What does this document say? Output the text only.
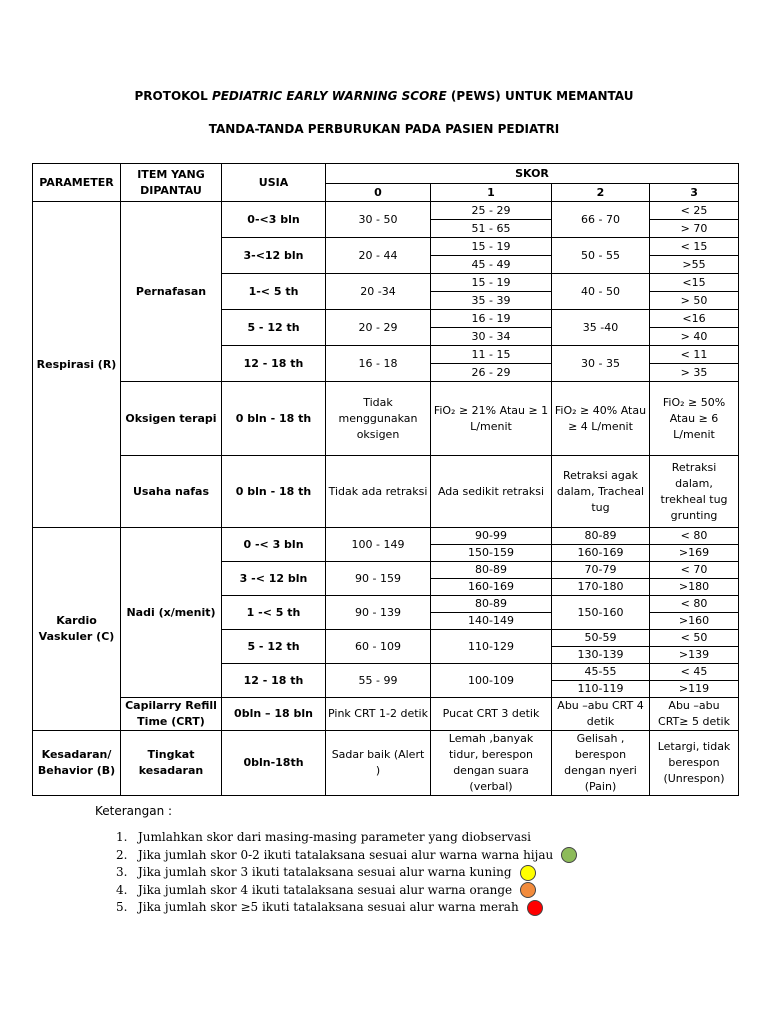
PROTOKOL PEDIATRIC EARLY WARNING SCORE (PEWS) UNTUK MEMANTAU
TANDA-TANDA PERBURUKAN PADA PASIEN PEDIATRI
PARAMETER	ITEM YANG DIPANTAU	USIA	SKOR			
			0	1	2	3
Respirasi (R)	Pernafasan	0-<3 bln	30 - 50	25 - 29	66 - 70	< 25
				51 - 65		> 70
		3-<12 bln	20 - 44	15 - 19	50 - 55	< 15
				45 - 49		>55
		1-< 5 th	20 -34	15 - 19	40 - 50	<15
				35 - 39		> 50
		5 - 12 th	20 - 29	16 - 19	35 -40	<16
				30 - 34		> 40
		12 - 18 th	16 - 18	11 - 15	30 - 35	< 11
				26 - 29		> 35
	Oksigen terapi	0 bln - 18 th	Tidak menggunakan oksigen	FiO₂ ≥ 21% Atau ≥ 1 L/menit	FiO₂ ≥ 40% Atau ≥ 4 L/menit	FiO₂ ≥ 50% Atau ≥ 6 L/menit

	Usaha nafas	0 bln - 18 th	Tidak ada retraksi	Ada sedikit retraksi	Retraksi agak dalam, Tracheal tug	Retraksi dalam, trekheal tug grunting

Kardio Vaskuler (C)	Nadi (x/menit)	0 -< 3 bln	100 - 149	90-99	80-89	< 80
				150-159	160-169	>169
		3 -< 12 bln	90 - 159	80-89	70-79	< 70
				160-169	170-180	>180
		1 -< 5 th	90 - 139	80-89	150-160	< 80
				140-149		>160
		5 - 12 th	60 - 109	110-129	50-59	< 50
					130-139	>139
		12 - 18 th	55 - 99	100-109	45-55	< 45
					110-119	>119
	Capilarry Refill Time (CRT)	0bln – 18 bln	Pink CRT 1-2 detik	Pucat CRT 3 detik	Abu –abu CRT 4 detik	Abu –abu CRT≥ 5 detik

Kesadaran/ Behavior (B)	Tingkat kesadaran	0bln-18th	Sadar baik (Alert )	Lemah ,banyak tidur, berespon dengan suara (verbal)	Gelisah , berespon dengan nyeri (Pain)	Letargi, tidak berespon (Unrespon)
Keterangan :
1. Jumlahkan skor dari masing-masing parameter yang diobservasi
2. Jika jumlah skor 0-2 ikuti tatalaksana sesuai alur warna warna hijau
3. Jika jumlah skor 3 ikuti tatalaksana sesuai alur warna kuning
4. Jika jumlah skor 4 ikuti tatalaksana sesuai alur warna orange
5. Jika jumlah skor ≥5 ikuti tatalaksana sesuai alur warna merah
